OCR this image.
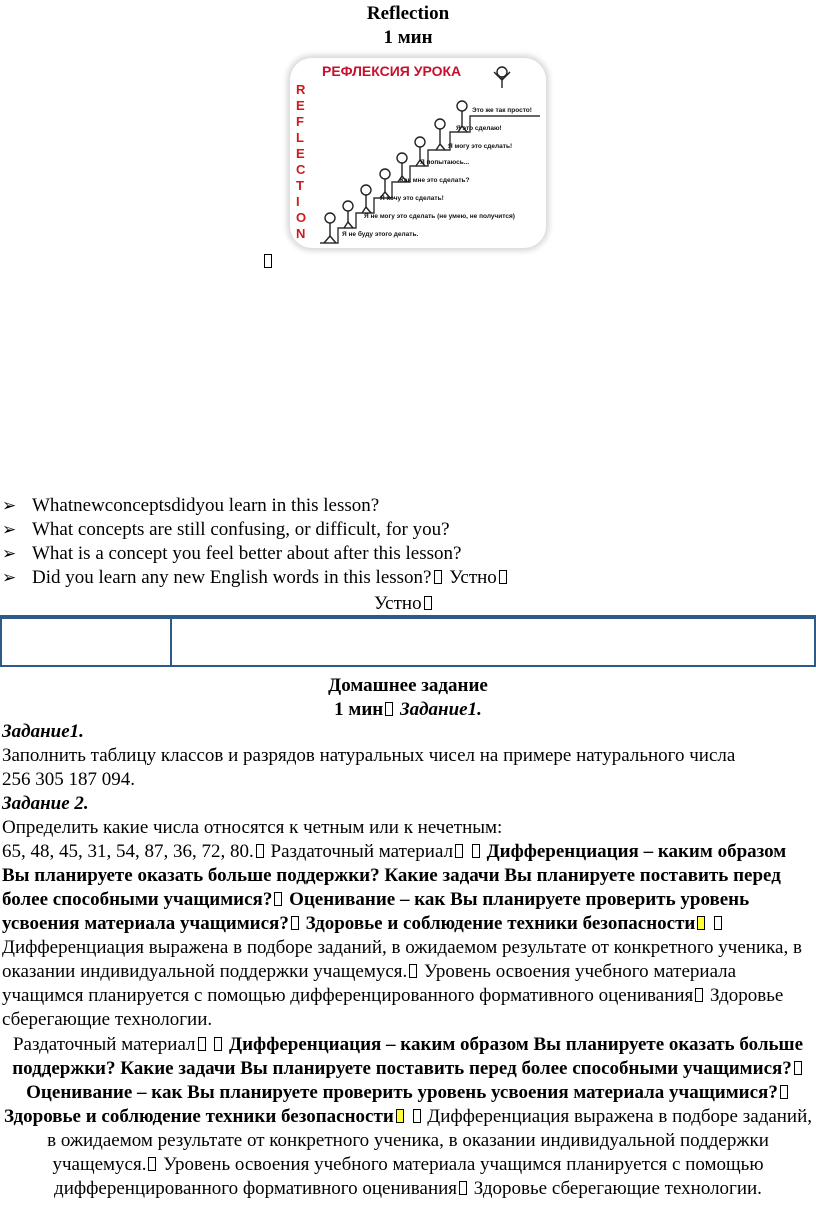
Reflection
1 мин
РЕФЛЕКСИЯ УРОКА
R
E
F
L
E
C
T
I
O
N
Это же так просто!
Я это сделаю!
Я могу это сделать!
Я попытаюсь...
Как мне это сделать?
Я хочу это сделать!
Я не могу это сделать (не умею, не получится)
Я не буду этого делать.
➢ Whatnewconceptsdidyou learn in this lesson?
➢ What concepts are still confusing, or difficult, for you?
➢ What is a concept you feel better about after this lesson?
➢ Did you learn any new English words in this lesson? Устно
Устно
Домашнее задание
1 мин Задание1.

Задание1.

Заполнить таблицу классов и разрядов натуральных чисел на примере натурального числа

256 305 187 094.

Задание 2.

Определить какие числа относятся к четным или к нечетным:

65, 48, 45, 31, 54, 87, 36, 72, 80. Раздаточный материал Дифференциация – каким образом Вы планируете оказать больше поддержки? Какие задачи Вы планируете поставить перед более способными учащимися? Оценивание – как Вы планируете проверить уровень усвоения материала учащимися? Здоровье и соблюдение техники безопасности  Дифференциация выражена в подборе заданий, в ожидаемом результате от конкретного ученика, в оказании индивидуальной поддержки учащемуся. Уровень освоения учебного материала учащимся планируется с помощью дифференцированного формативного оценивания Здоровье сберегающие технологии.

Раздаточный материал Дифференциация – каким образом Вы планируете оказать больше поддержки? Какие задачи Вы планируете поставить перед более способными учащимися? Оценивание – как Вы планируете проверить уровень усвоения материала учащимися? Здоровье и соблюдение техники безопасности Дифференциация выражена в подборе заданий, в ожидаемом результате от конкретного ученика, в оказании индивидуальной поддержки учащемуся. Уровень освоения учебного материала учащимся планируется с помощью дифференцированного формативного оценивания Здоровье сберегающие технологии.
